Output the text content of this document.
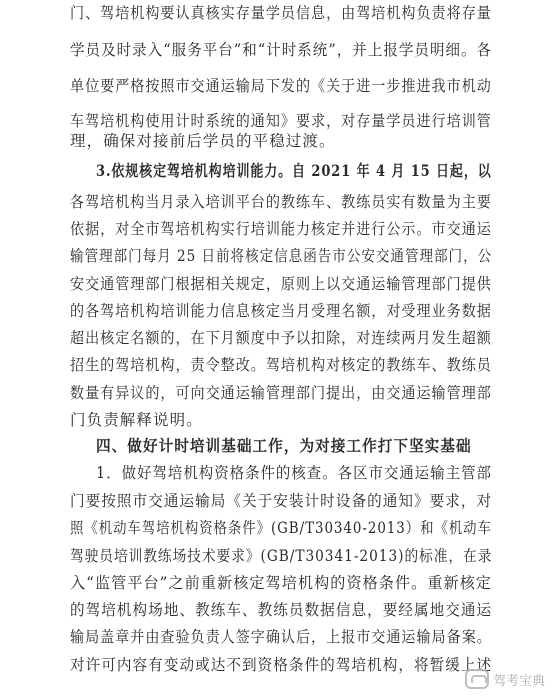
门、驾培机构要认真核实存量学员信息，由驾培机构负责将存量
学员及时录入“服务平台”和“计时系统”，并上报学员明细。各
单位要严格按照市交通运输局下发的《关于进一步推进我市机动
车驾培机构使用计时系统的通知》要求，对存量学员进行培训管
理，确保对接前后学员的平稳过渡。
3.依规核定驾培机构培训能力。自 2021 年 4 月 15 日起，以
各驾培机构当月录入培训平台的教练车、教练员实有数量为主要
依据，对全市驾培机构实行培训能力核定并进行公示。市交通运
输管理部门每月 25 日前将核定信息函告市公安交通管理部门，公
安交通管理部门根据相关规定，原则上以交通运输管理部门提供
的各驾培机构培训能力信息核定当月受理名额，对受理业务数据
超出核定名额的，在下月额度中予以扣除，对连续两月发生超额
招生的驾培机构，责令整改。驾培机构对核定的教练车、教练员
数量有异议的，可向交通运输管理部门提出，由交通运输管理部
门负责解释说明。
四、做好计时培训基础工作，为对接工作打下坚实基础
1．做好驾培机构资格条件的核查。各区市交通运输主管部
门要按照市交通运输局《关于安装计时设备的通知》要求，对
照《机动车驾培机构资格条件》(GB/T30340-2013）和《机动车
驾驶员培训教练场技术要求》(GB/T30341-2013)的标准，在录
入“监管平台”之前重新核定驾培机构的资格条件。重新核定
的驾培机构场地、教练车、教练员数据信息，要经属地交通运
输局盖章并由查验负责人签字确认后，上报市交通运输局备案。
对许可内容有变动或达不到资格条件的驾培机构，将暂缓上述
驾考宝典
